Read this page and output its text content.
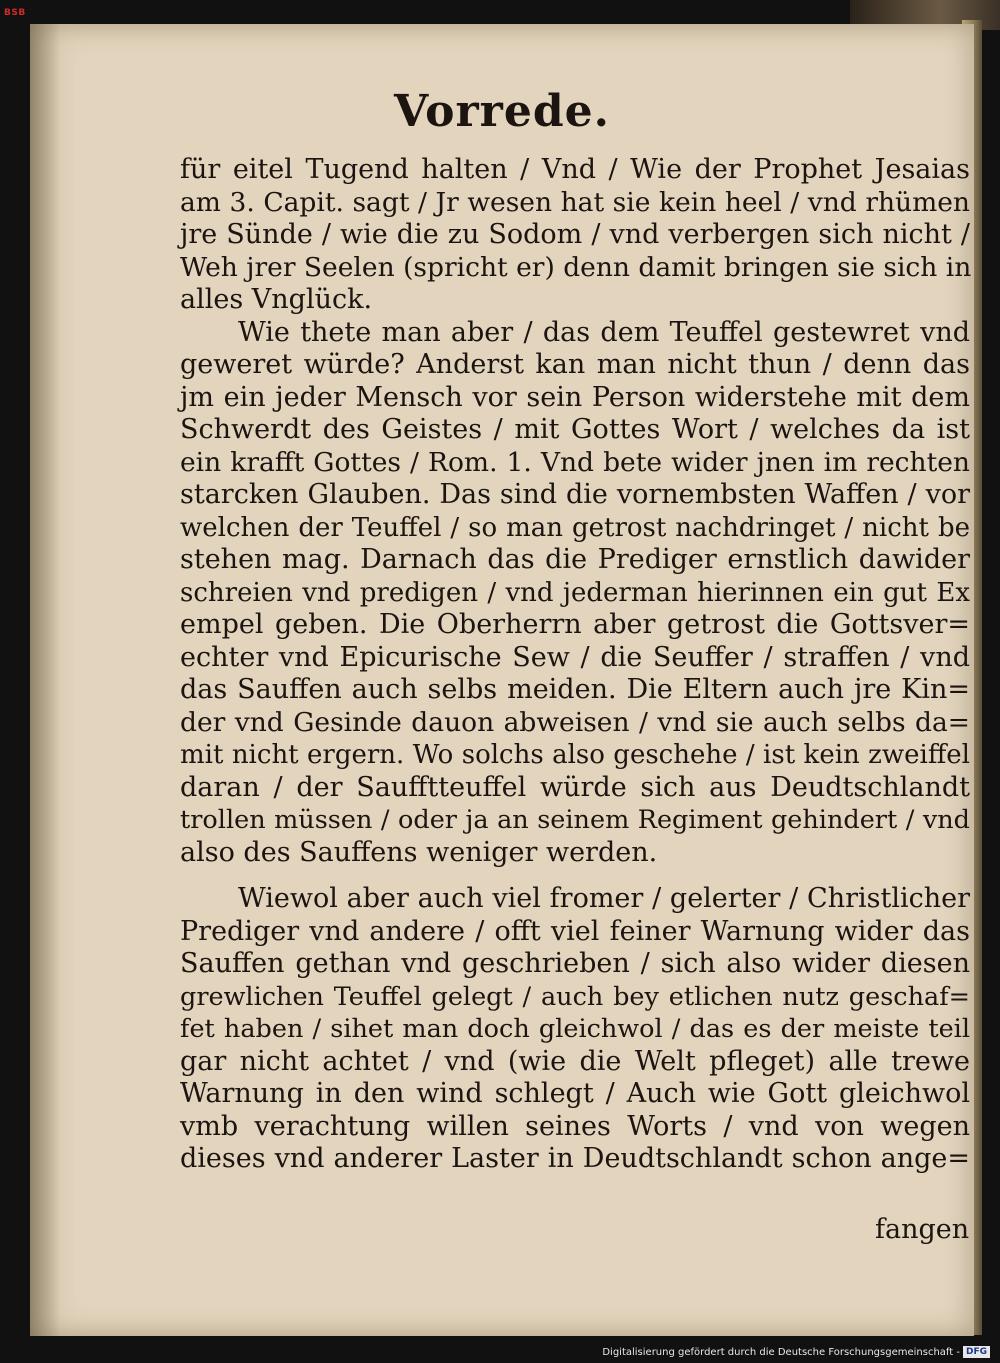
BSB
Vorrede.
für eitel Tugend halten / Vnd / Wie der Prophet Jesaias
am 3. Capit. sagt / Jr wesen hat sie kein heel / vnd rhümen
jre Sünde / wie die zu Sodom / vnd verbergen sich nicht /
Weh jrer Seelen (spricht er) denn damit bringen sie sich in
alles Vnglück.
Wie thete man aber / das dem Teuffel gestewret vnd
geweret würde? Anderst kan man nicht thun / denn das
jm ein jeder Mensch vor sein Person widerstehe mit dem
Schwerdt des Geistes / mit Gottes Wort / welches da ist
ein krafft Gottes / Rom. 1. Vnd bete wider jnen im rechten
starcken Glauben. Das sind die vornembsten Waffen / vor
welchen der Teuffel / so man getrost nachdringet / nicht be
stehen mag. Darnach das die Prediger ernstlich dawider
schreien vnd predigen / vnd jederman hierinnen ein gut Ex
empel geben. Die Oberherrn aber getrost die Gottsver=
echter vnd Epicurische Sew / die Seuffer / straffen / vnd
das Sauffen auch selbs meiden. Die Eltern auch jre Kin=
der vnd Gesinde dauon abweisen / vnd sie auch selbs da=
mit nicht ergern. Wo solchs also geschehe / ist kein zweiffel
daran / der Saufftteuffel würde sich aus Deudtschlandt
trollen müssen / oder ja an seinem Regiment gehindert / vnd
also des Sauffens weniger werden.
Wiewol aber auch viel fromer / gelerter / Christlicher
Prediger vnd andere / offt viel feiner Warnung wider das
Sauffen gethan vnd geschrieben / sich also wider diesen
grewlichen Teuffel gelegt / auch bey etlichen nutz geschaf=
fet haben / sihet man doch gleichwol / das es der meiste teil
gar nicht achtet / vnd (wie die Welt pfleget) alle trewe
Warnung in den wind schlegt / Auch wie Gott gleichwol
vmb verachtung willen seines Worts / vnd von wegen
dieses vnd anderer Laster in Deudtschlandt schon ange=
fangen
Digitalisierung gefördert durch die Deutsche Forschungsgemeinschaft - DFG
